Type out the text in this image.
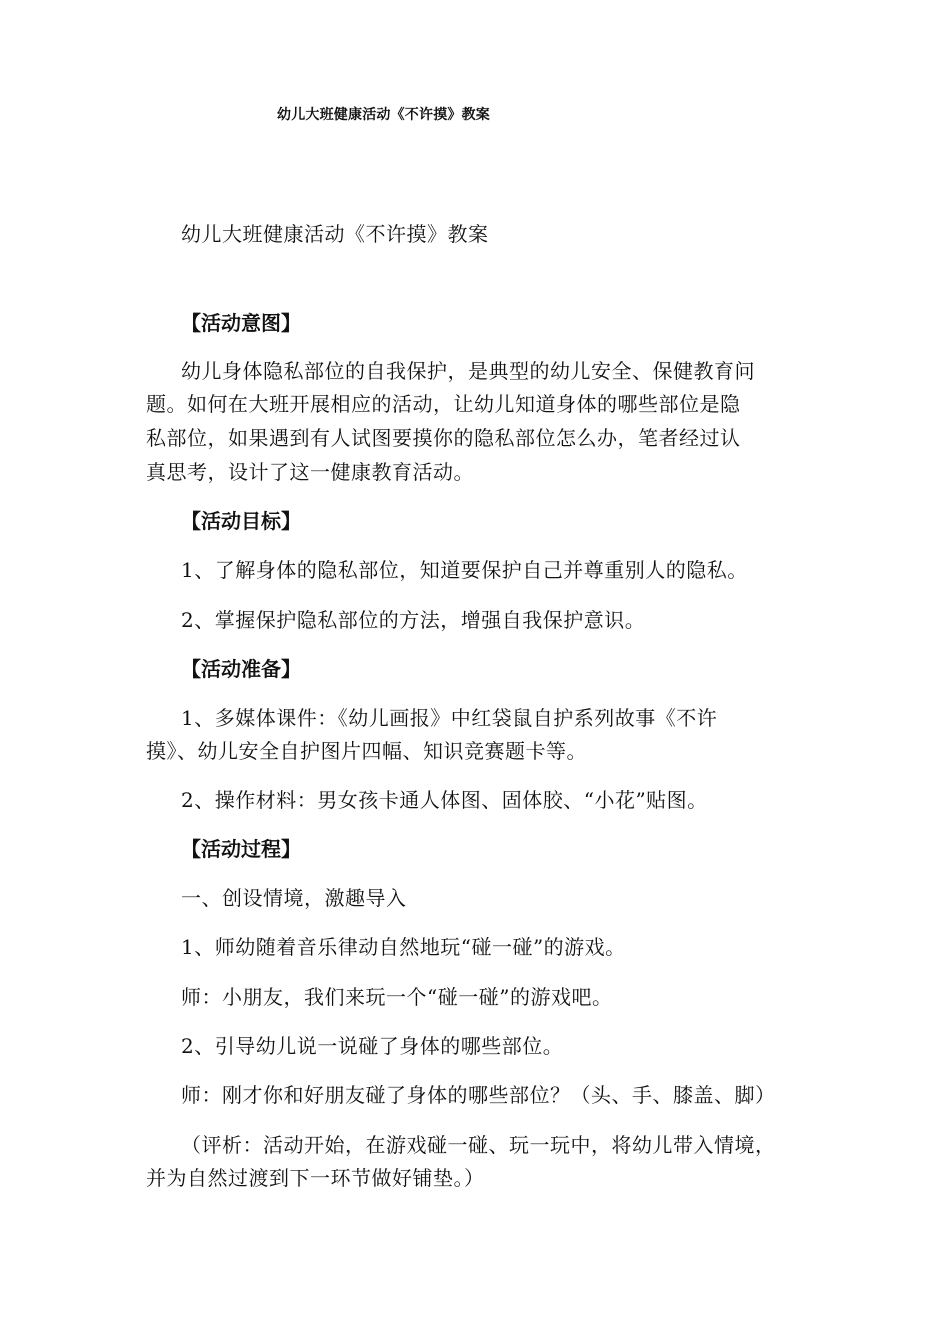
幼儿大班健康活动《不许摸》教案
幼儿大班健康活动《不许摸》教案
【活动意图】
幼儿身体隐私部位的自我保护，是典型的幼儿安全、保健教育问
题。如何在大班开展相应的活动，让幼儿知道身体的哪些部位是隐
私部位，如果遇到有人试图要摸你的隐私部位怎么办，笔者经过认
真思考，设计了这一健康教育活动。
【活动目标】
1、了解身体的隐私部位，知道要保护自己并尊重别人的隐私。
2、掌握保护隐私部位的方法，增强自我保护意识。
【活动准备】
1、多媒体课件：《幼儿画报》中红袋鼠自护系列故事《不许
摸》、幼儿安全自护图片四幅、知识竞赛题卡等。
2、操作材料：男女孩卡通人体图、固体胶、“小花”贴图。
【活动过程】
一、创设情境，激趣导入
1、师幼随着音乐律动自然地玩“碰一碰”的游戏。
师：小朋友，我们来玩一个“碰一碰”的游戏吧。
2、引导幼儿说一说碰了身体的哪些部位。
师：刚才你和好朋友碰了身体的哪些部位？（头、手、膝盖、脚）
（评析：活动开始，在游戏碰一碰、玩一玩中，将幼儿带入情境，
并为自然过渡到下一环节做好铺垫。）
